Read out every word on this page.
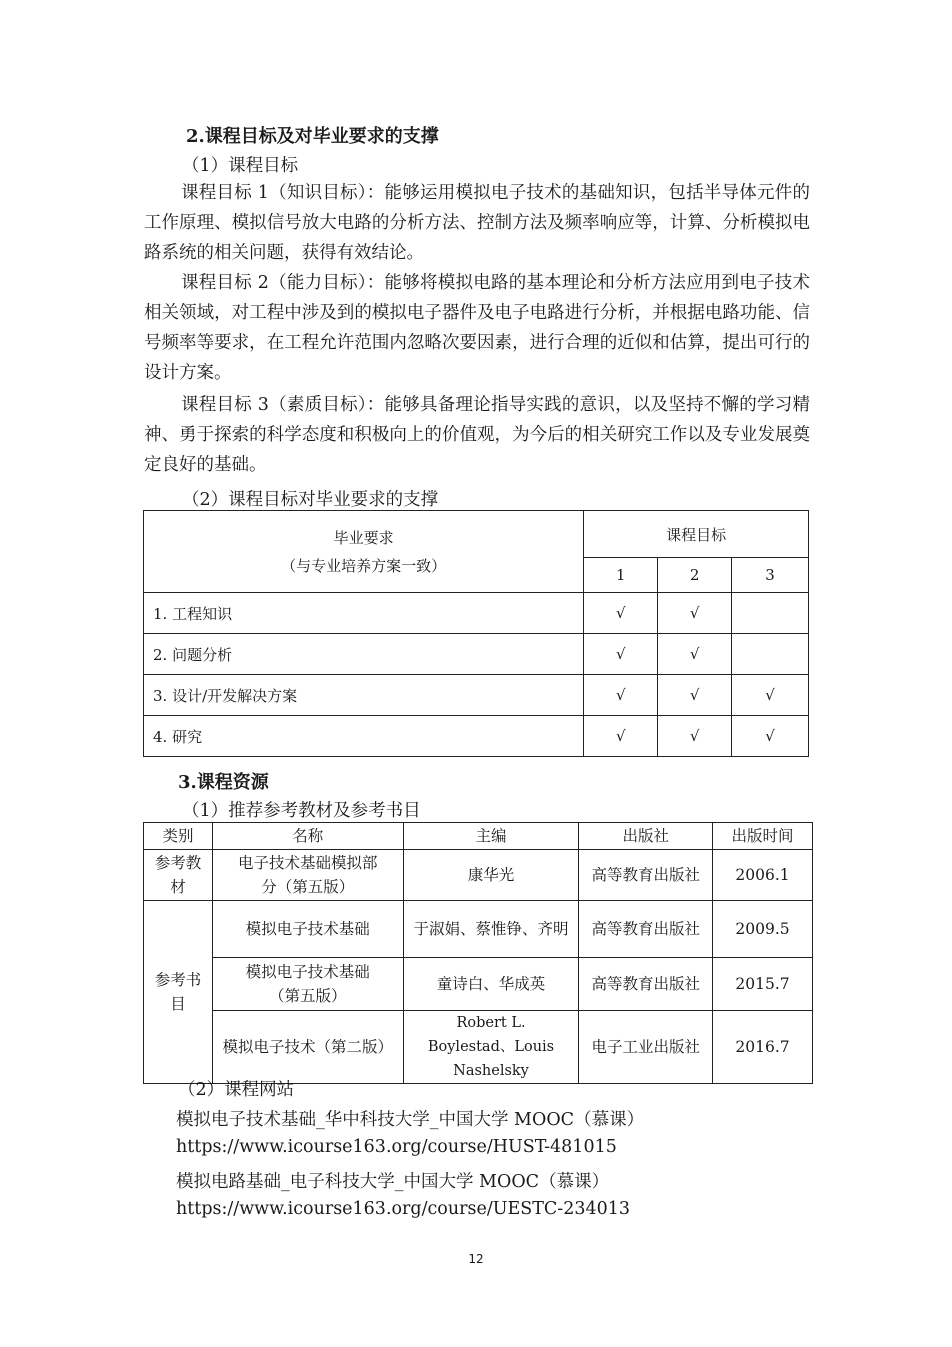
2.课程目标及对毕业要求的支撑
（1）课程目标
课程目标 1（知识目标）：能够运用模拟电子技术的基础知识，包括半导体元件的工作原理、模拟信号放大电路的分析方法、控制方法及频率响应等，计算、分析模拟电路系统的相关问题，获得有效结论。
课程目标 2（能力目标）：能够将模拟电路的基本理论和分析方法应用到电子技术相关领域，对工程中涉及到的模拟电子器件及电子电路进行分析，并根据电路功能、信号频率等要求，在工程允许范围内忽略次要因素，进行合理的近似和估算，提出可行的设计方案。
课程目标 3（素质目标）：能够具备理论指导实践的意识，以及坚持不懈的学习精神、勇于探索的科学态度和积极向上的价值观，为今后的相关研究工作以及专业发展奠定良好的基础。
（2）课程目标对毕业要求的支撑
毕业要求
（与专业培养方案一致）	课程目标		
	1	2	3
1. 工程知识	√	√	
2. 问题分析	√	√	
3. 设计/开发解决方案	√	√	√
4. 研究	√	√	√
3.课程资源
（1）推荐参考教材及参考书目
类别	名称	主编	出版社	出版时间
参考教材	电子技术基础模拟部分（第五版）	康华光	高等教育出版社	2006.1
参考书目	模拟电子技术基础	于淑娟、蔡惟铮、齐明	高等教育出版社	2009.5
	模拟电子技术基础（第五版）	童诗白、华成英	高等教育出版社	2015.7
	模拟电子技术（第二版）	Robert L. Boylestad、Louis Nashelsky	电子工业出版社	2016.7
（2）课程网站
模拟电子技术基础_华中科技大学_中国大学 MOOC（慕课）
https://www.icourse163.org/course/HUST-481015
模拟电路基础_电子科技大学_中国大学 MOOC（慕课）
https://www.icourse163.org/course/UESTC-234013
12
